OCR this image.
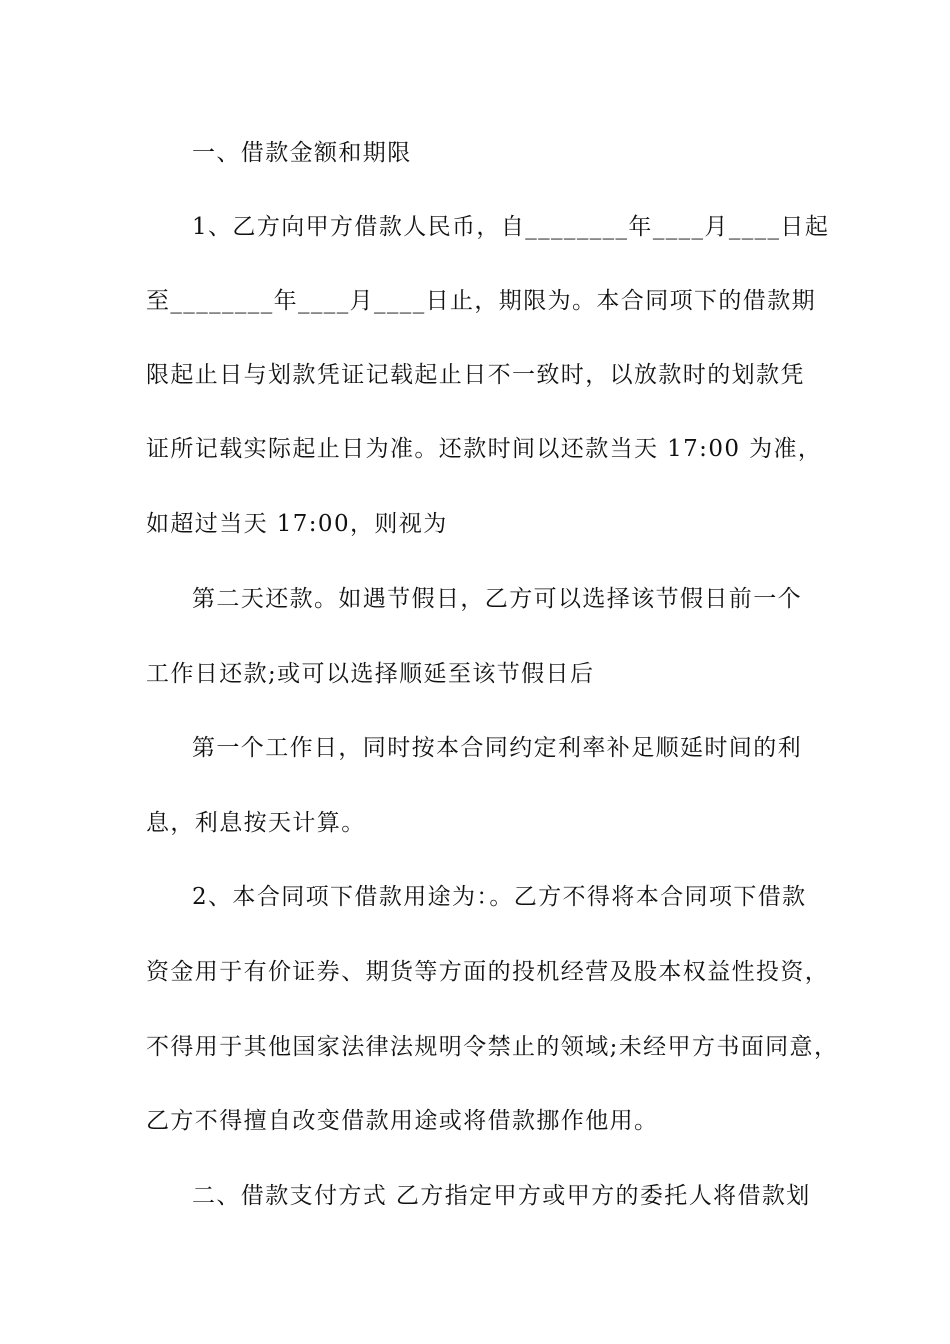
一、借款金额和期限
1、乙方向甲方借款人民币，自________年____月____日起
至________年____月____日止，期限为。本合同项下的借款期
限起止日与划款凭证记载起止日不一致时，以放款时的划款凭
证所记载实际起止日为准。还款时间以还款当天 17:00 为准，
如超过当天 17:00，则视为
第二天还款。如遇节假日，乙方可以选择该节假日前一个
工作日还款;或可以选择顺延至该节假日后
第一个工作日，同时按本合同约定利率补足顺延时间的利
息，利息按天计算。
2、本合同项下借款用途为：。乙方不得将本合同项下借款
资金用于有价证券、期货等方面的投机经营及股本权益性投资，
不得用于其他国家法律法规明令禁止的领域;未经甲方书面同意，
乙方不得擅自改变借款用途或将借款挪作他用。
二、借款支付方式 乙方指定甲方或甲方的委托人将借款划
